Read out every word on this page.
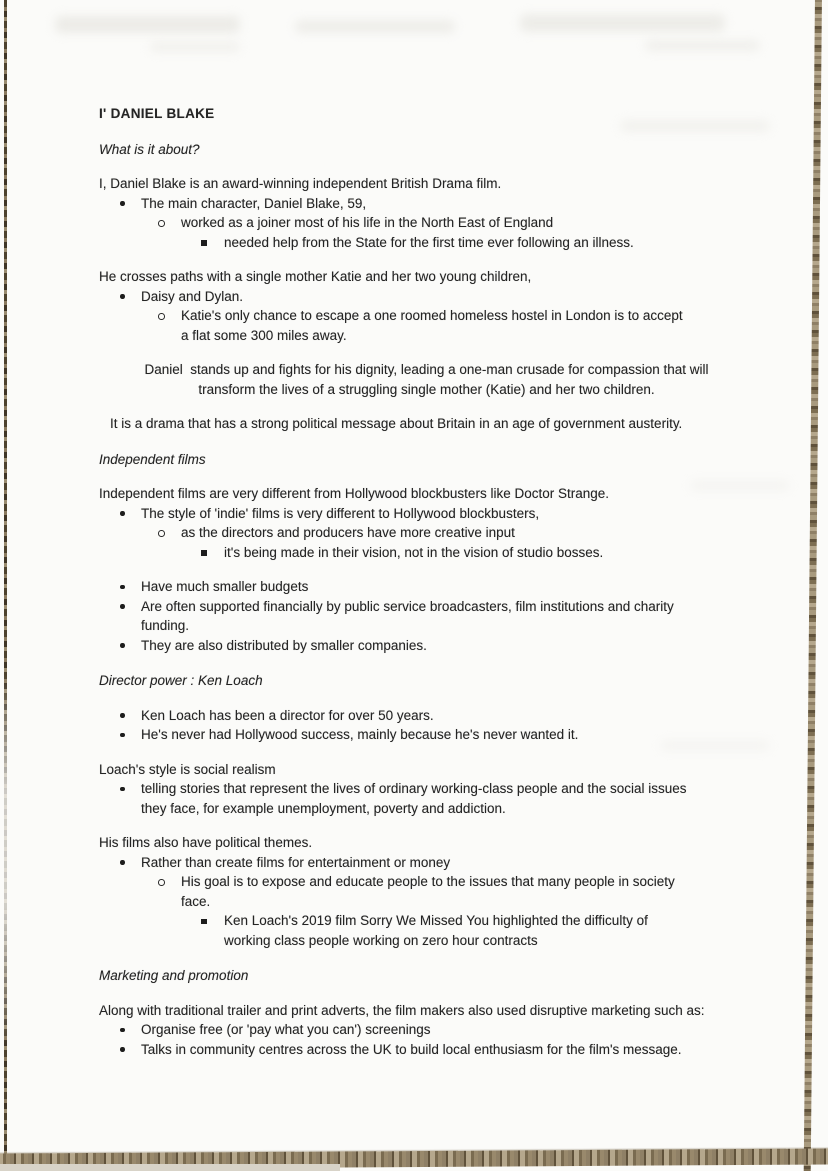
I' DANIEL BLAKE
What is it about?
I, Daniel Blake is an award-winning independent British Drama film.
The main character, Daniel Blake, 59,
worked as a joiner most of his life in the North East of England
needed help from the State for the first time ever following an illness.
He crosses paths with a single mother Katie and her two young children,
Daisy and Dylan.
Katie's only chance to escape a one roomed homeless hostel in London is to accept
a flat some 300 miles away.
Daniel  stands up and fights for his dignity, leading a one-man crusade for compassion that will
transform the lives of a struggling single mother (Katie) and her two children.
It is a drama that has a strong political message about Britain in an age of government austerity.
Independent films
Independent films are very different from Hollywood blockbusters like Doctor Strange.
The style of 'indie' films is very different to Hollywood blockbusters,
as the directors and producers have more creative input
it's being made in their vision, not in the vision of studio bosses.
Have much smaller budgets
Are often supported financially by public service broadcasters, film institutions and charity
funding.
They are also distributed by smaller companies.
Director power : Ken Loach
Ken Loach has been a director for over 50 years.
He's never had Hollywood success, mainly because he's never wanted it.
Loach's style is social realism
telling stories that represent the lives of ordinary working-class people and the social issues
they face, for example unemployment, poverty and addiction.
His films also have political themes.
Rather than create films for entertainment or money
His goal is to expose and educate people to the issues that many people in society
face.
Ken Loach's 2019 film Sorry We Missed You highlighted the difficulty of
working class people working on zero hour contracts
Marketing and promotion
Along with traditional trailer and print adverts, the film makers also used disruptive marketing such as:
Organise free (or 'pay what you can') screenings
Talks in community centres across the UK to build local enthusiasm for the film's message.
